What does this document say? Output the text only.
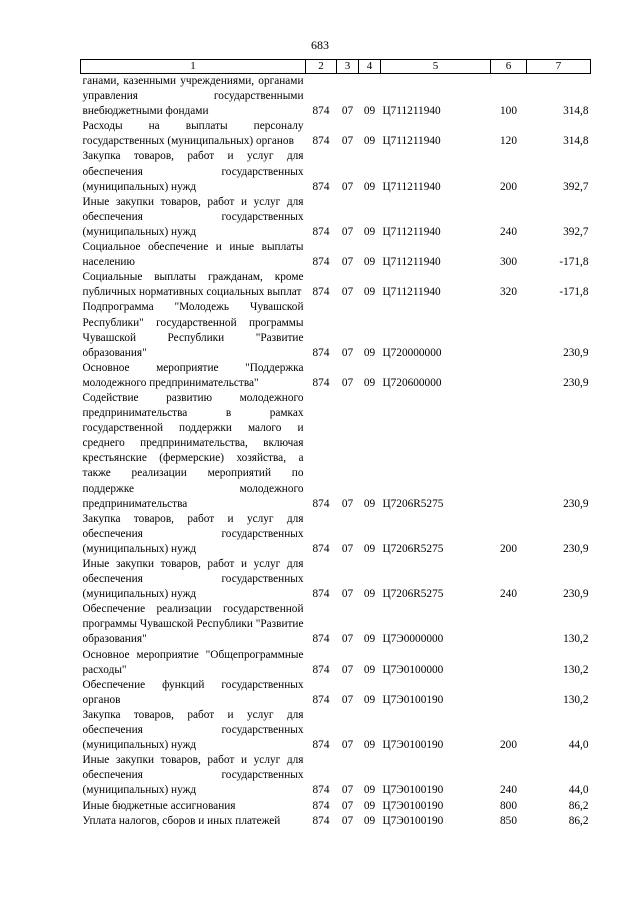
683
1	2	3	4	5	6	7
ганами, казенными учреждениями, органами управления государственными внебюджетными фондами	874	07	09	Ц711211940	100	314,8
Расходы на выплаты персоналу государственных (муниципальных) органов	874	07	09	Ц711211940	120	314,8
Закупка товаров, работ и услуг для обеспечения государственных (муниципальных) нужд	874	07	09	Ц711211940	200	392,7
Иные закупки товаров, работ и услуг для обеспечения государственных (муниципальных) нужд	874	07	09	Ц711211940	240	392,7
Социальное обеспечение и иные выплаты населению	874	07	09	Ц711211940	300	-171,8
Социальные выплаты гражданам, кроме публичных нормативных социальных выплат	874	07	09	Ц711211940	320	-171,8
Подпрограмма "Молодежь Чувашской Республики" государственной программы Чувашской Республики "Развитие образования"	874	07	09	Ц720000000		230,9
Основное мероприятие "Поддержка молодежного предпринимательства"	874	07	09	Ц720600000		230,9
Содействие развитию молодежного предпринимательства в рамках государственной поддержки малого и среднего предпринимательства, включая крестьянские (фермерские) хозяйства, а также реализации мероприятий по поддержке молодежного предпринимательства	874	07	09	Ц7206R5275		230,9
Закупка товаров, работ и услуг для обеспечения государственных (муниципальных) нужд	874	07	09	Ц7206R5275	200	230,9
Иные закупки товаров, работ и услуг для обеспечения государственных (муниципальных) нужд	874	07	09	Ц7206R5275	240	230,9
Обеспечение реализации государственной программы Чувашской Республики "Развитие образования"	874	07	09	Ц7Э0000000		130,2
Основное мероприятие "Общепрограммные расходы"	874	07	09	Ц7Э0100000		130,2
Обеспечение функций государственных органов	874	07	09	Ц7Э0100190		130,2
Закупка товаров, работ и услуг для обеспечения государственных (муниципальных) нужд	874	07	09	Ц7Э0100190	200	44,0
Иные закупки товаров, работ и услуг для обеспечения государственных (муниципальных) нужд	874	07	09	Ц7Э0100190	240	44,0
Иные бюджетные ассигнования	874	07	09	Ц7Э0100190	800	86,2
Уплата налогов, сборов и иных платежей	874	07	09	Ц7Э0100190	850	86,2
